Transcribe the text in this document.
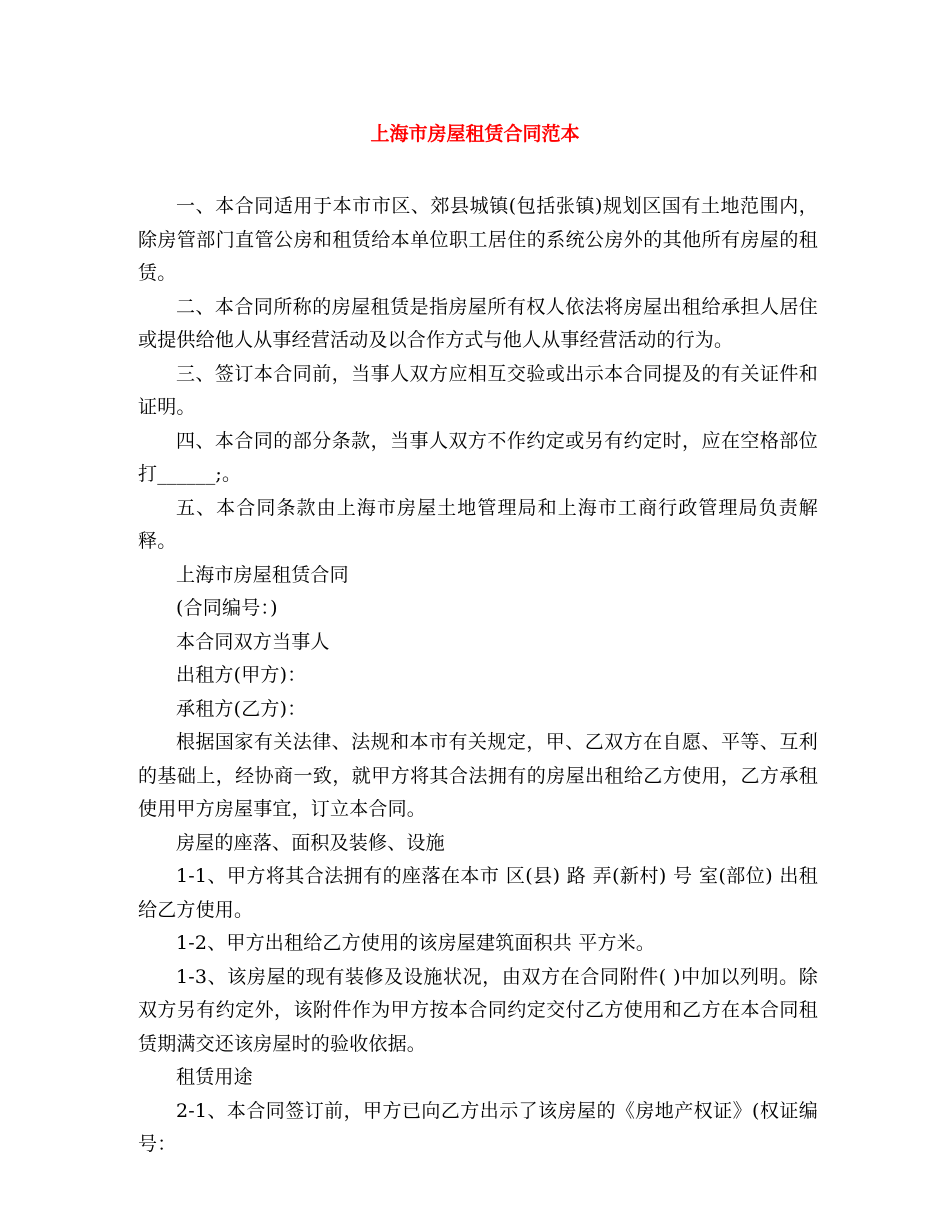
上海市房屋租赁合同范本

一、本合同适用于本市市区、郊县城镇(包括张镇)规划区国有土地范围内，除房管部门直管公房和租赁给本单位职工居住的系统公房外的其他所有房屋的租赁。

二、本合同所称的房屋租赁是指房屋所有权人依法将房屋出租给承担人居住或提供给他人从事经营活动及以合作方式与他人从事经营活动的行为。

三、签订本合同前，当事人双方应相互交验或出示本合同提及的有关证件和证明。

四、本合同的部分条款，当事人双方不作约定或另有约定时，应在空格部位打______;。

五、本合同条款由上海市房屋土地管理局和上海市工商行政管理局负责解释。

上海市房屋租赁合同

(合同编号：)

本合同双方当事人

出租方(甲方)：

承租方(乙方)：

根据国家有关法律、法规和本市有关规定，甲、乙双方在自愿、平等、互利的基础上，经协商一致，就甲方将其合法拥有的房屋出租给乙方使用，乙方承租使用甲方房屋事宜，订立本合同。

房屋的座落、面积及装修、设施

1-1、甲方将其合法拥有的座落在本市 区(县) 路 弄(新村) 号 室(部位) 出租给乙方使用。

1-2、甲方出租给乙方使用的该房屋建筑面积共 平方米。

1-3、该房屋的现有装修及设施状况，由双方在合同附件( )中加以列明。除双方另有约定外，该附件作为甲方按本合同约定交付乙方使用和乙方在本合同租赁期满交还该房屋时的验收依据。

租赁用途

2-1、本合同签订前，甲方已向乙方出示了该房屋的《房地产权证》(权证编号：
